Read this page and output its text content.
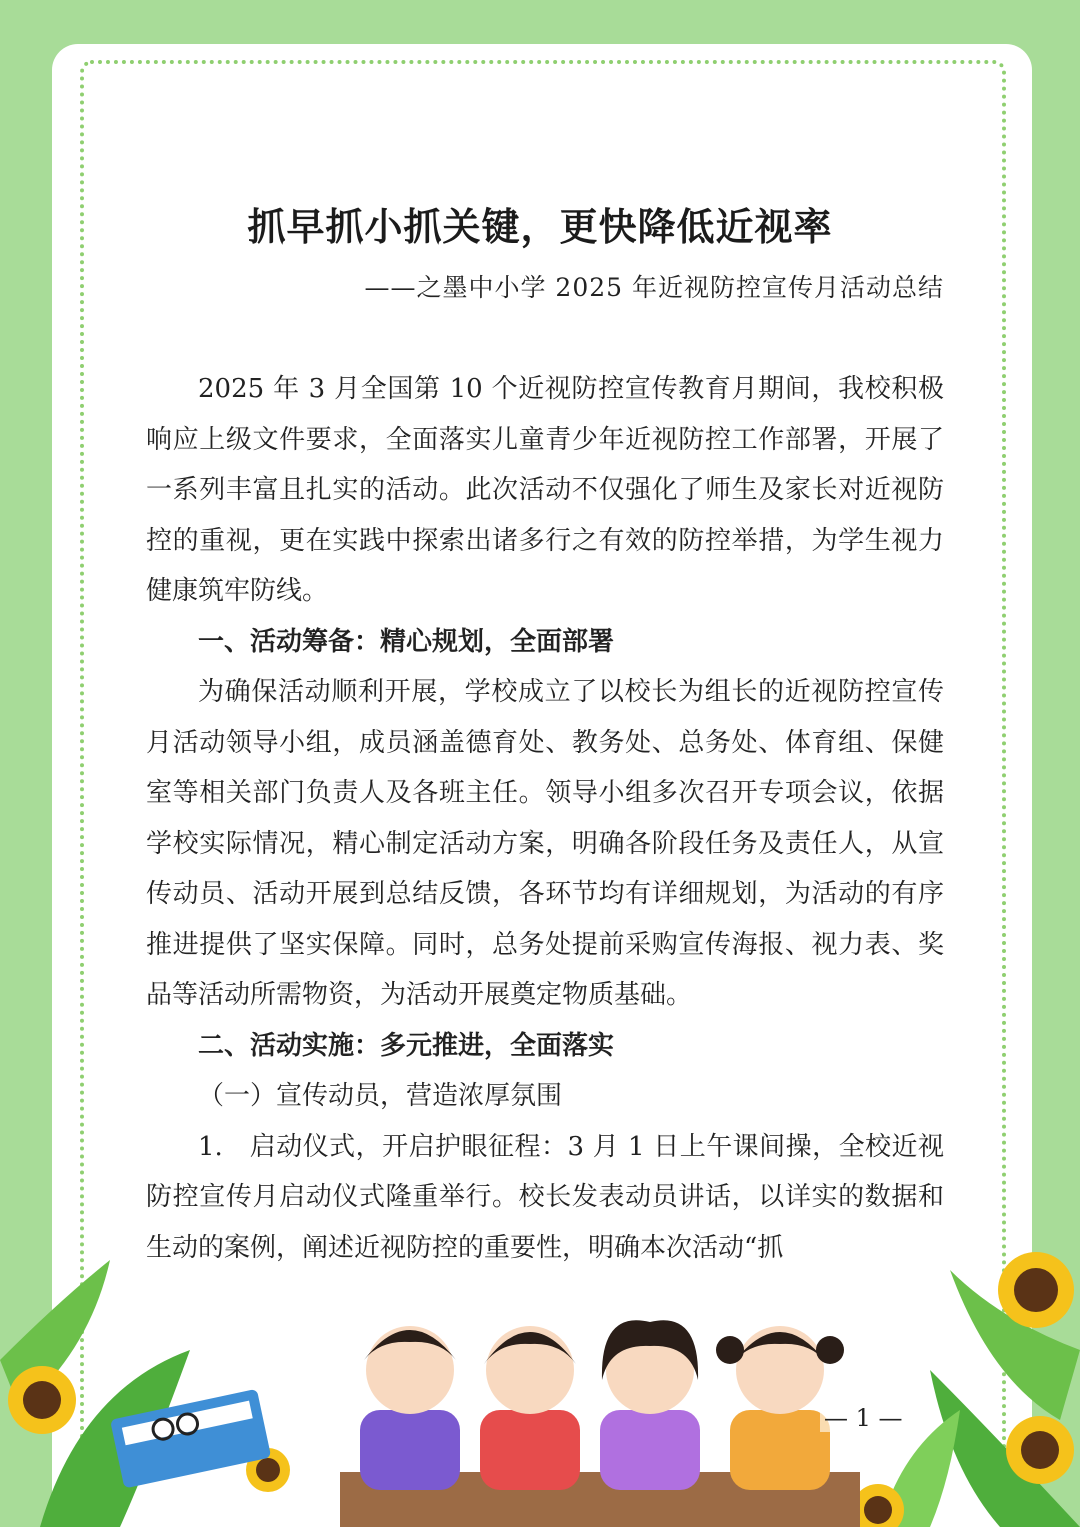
抓早抓小抓关键，更快降低近视率
——之墨中小学 2025 年近视防控宣传月活动总结

2025 年 3 月全国第 10 个近视防控宣传教育月期间，我校积极响应上级文件要求，全面落实儿童青少年近视防控工作部署，开展了一系列丰富且扎实的活动。此次活动不仅强化了师生及家长对近视防控的重视，更在实践中探索出诸多行之有效的防控举措，为学生视力健康筑牢防线。

一、活动筹备：精心规划，全面部署

为确保活动顺利开展，学校成立了以校长为组长的近视防控宣传月活动领导小组，成员涵盖德育处、教务处、总务处、体育组、保健室等相关部门负责人及各班主任。领导小组多次召开专项会议，依据学校实际情况，精心制定活动方案，明确各阶段任务及责任人，从宣传动员、活动开展到总结反馈，各环节均有详细规划，为活动的有序推进提供了坚实保障。同时，总务处提前采购宣传海报、视力表、奖品等活动所需物资，为活动开展奠定物质基础。

二、活动实施：多元推进，全面落实

（一）宣传动员，营造浓厚氛围

1.　启动仪式，开启护眼征程：3 月 1 日上午课间操，全校近视防控宣传月启动仪式隆重举行。校长发表动员讲话，以详实的数据和生动的案例，阐述近视防控的重要性，明确本次活动“抓

— 1 —
